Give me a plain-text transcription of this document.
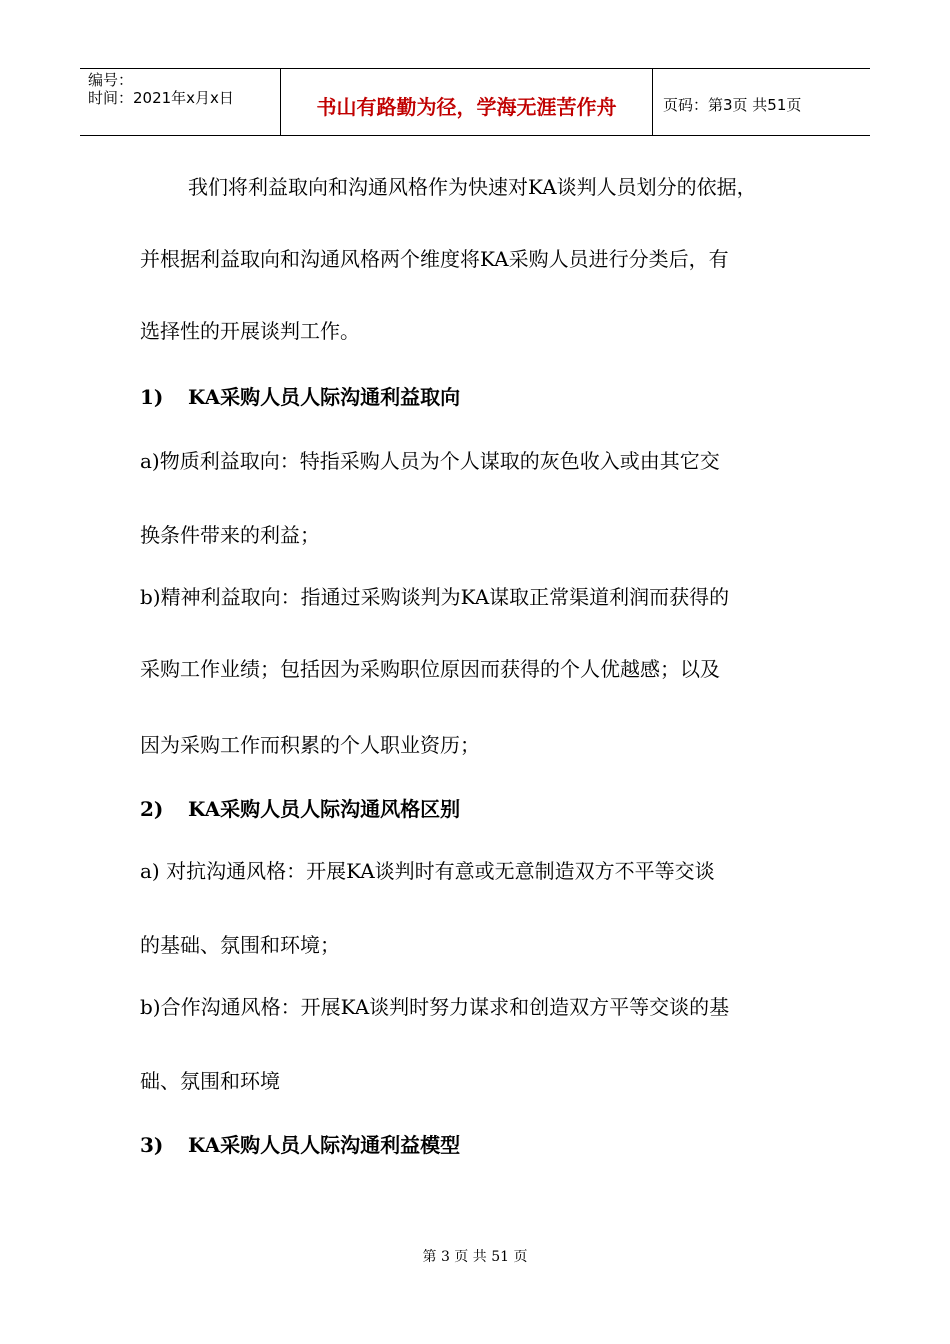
编号：
时间：2021年x月x日	书山有路勤为径，学海无涯苦作舟	页码：第3页 共51页
我们将利益取向和沟通风格作为快速对KA谈判人员划分的依据，
并根据利益取向和沟通风格两个维度将KA采购人员进行分类后，有
选择性的开展谈判工作。
1) KA采购人员人际沟通利益取向
a)物质利益取向：特指采购人员为个人谋取的灰色收入或由其它交
换条件带来的利益；
b)精神利益取向：指通过采购谈判为KA谋取正常渠道利润而获得的
采购工作业绩；包括因为采购职位原因而获得的个人优越感；以及
因为采购工作而积累的个人职业资历；
2) KA采购人员人际沟通风格区别
a) 对抗沟通风格：开展KA谈判时有意或无意制造双方不平等交谈
的基础、氛围和环境；
b)合作沟通风格：开展KA谈判时努力谋求和创造双方平等交谈的基
础、氛围和环境
3) KA采购人员人际沟通利益模型
第 3 页 共 51 页
